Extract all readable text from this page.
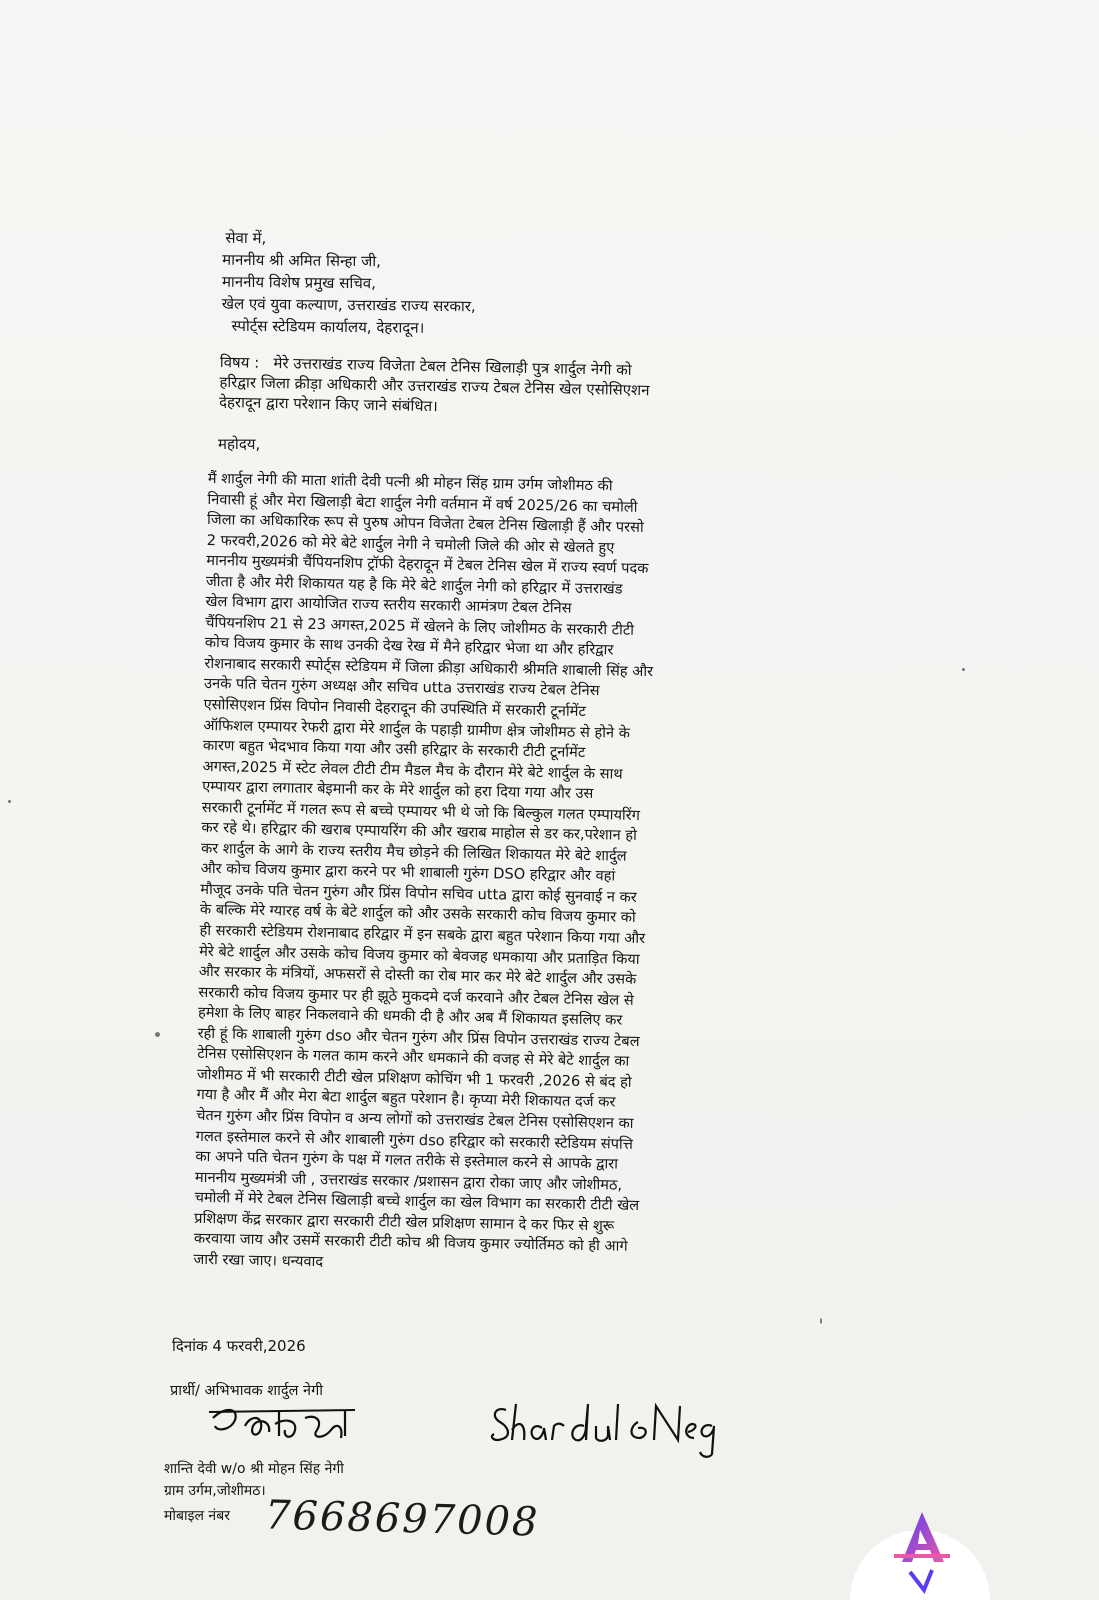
सेवा में,
माननीय श्री अमित सिन्हा जी,
माननीय विशेष प्रमुख सचिव,
खेल एवं युवा कल्याण, उत्तराखंड राज्य सरकार,
स्पोर्ट्स स्टेडियम कार्यालय, देहरादून।
विषय : मेरे उत्तराखंड राज्य विजेता टेबल टेनिस खिलाड़ी पुत्र शार्दुल नेगी को
हरिद्वार जिला क्रीड़ा अधिकारी और उत्तराखंड राज्य टेबल टेनिस खेल एसोसिएशन
देहरादून द्वारा परेशान किए जाने संबंधित।
महोदय,
मैं शार्दुल नेगी की माता शांती देवी पत्नी श्री मोहन सिंह ग्राम उर्गम जोशीमठ की
निवासी हूं और मेरा खिलाड़ी बेटा शार्दुल नेगी वर्तमान में वर्ष 2025/26 का चमोली
जिला का अधिकारिक रूप से पुरुष ओपन विजेता टेबल टेनिस खिलाड़ी हैं और परसो
2 फरवरी,2026 को मेरे बेटे शार्दुल नेगी ने चमोली जिले की ओर से खेलते हुए
माननीय मुख्यमंत्री चैंपियनशिप ट्रॉफी देहरादून में टेबल टेनिस खेल में राज्य स्वर्ण पदक
जीता है और मेरी शिकायत यह है कि मेरे बेटे शार्दुल नेगी को हरिद्वार में उत्तराखंड
खेल विभाग द्वारा आयोजित राज्य स्तरीय सरकारी आमंत्रण टेबल टेनिस
चैंपियनशिप 21 से 23 अगस्त,2025 में खेलने के लिए जोशीमठ के सरकारी टीटी
कोच विजय कुमार के साथ उनकी देख रेख में मैने हरिद्वार भेजा था और हरिद्वार
रोशनाबाद सरकारी स्पोर्ट्स स्टेडियम में जिला क्रीड़ा अधिकारी श्रीमति शाबाली सिंह और
उनके पति चेतन गुरुंग अध्यक्ष और सचिव utta उत्तराखंड राज्य टेबल टेनिस
एसोसिएशन प्रिंस विपोन निवासी देहरादून की उपस्थिति में सरकारी टूर्नामेंट
ऑफिशल एम्पायर रेफरी द्वारा मेरे शार्दुल के पहाड़ी ग्रामीण क्षेत्र जोशीमठ से होने के
कारण बहुत भेदभाव किया गया और उसी हरिद्वार के सरकारी टीटी टूर्नामेंट
अगस्त,2025 में स्टेट लेवल टीटी टीम मैडल मैच के दौरान मेरे बेटे शार्दुल के साथ
एम्पायर द्वारा लगातार बेइमानी कर के मेरे शार्दुल को हरा दिया गया और उस
सरकारी टूर्नामेंट में गलत रूप से बच्चे एम्पायर भी थे जो कि बिल्कुल गलत एम्पायरिंग
कर रहे थे। हरिद्वार की खराब एम्पायरिंग की और खराब माहोल से डर कर,परेशान हो
कर शार्दुल के आगे के राज्य स्तरीय मैच छोड़ने की लिखित शिकायत मेरे बेटे शार्दुल
और कोच विजय कुमार द्वारा करने पर भी शाबाली गुरुंग DSO हरिद्वार और वहां
मौजूद उनके पति चेतन गुरुंग और प्रिंस विपोन सचिव utta द्वारा कोई सुनवाई न कर
के बल्कि मेरे ग्यारह वर्ष के बेटे शार्दुल को और उसके सरकारी कोच विजय कुमार को
ही सरकारी स्टेडियम रोशनाबाद हरिद्वार में इन सबके द्वारा बहुत परेशान किया गया और
मेरे बेटे शार्दुल और उसके कोच विजय कुमार को बेवजह धमकाया और प्रताड़ित किया
और सरकार के मंत्रियों, अफसरों से दोस्ती का रोब मार कर मेरे बेटे शार्दुल और उसके
सरकारी कोच विजय कुमार पर ही झूठे मुकदमे दर्ज करवाने और टेबल टेनिस खेल से
हमेशा के लिए बाहर निकलवाने की धमकी दी है और अब मैं शिकायत इसलिए कर
रही हूं कि शाबाली गुरुंग dso और चेतन गुरुंग और प्रिंस विपोन उत्तराखंड राज्य टेबल
टेनिस एसोसिएशन के गलत काम करने और धमकाने की वजह से मेरे बेटे शार्दुल का
जोशीमठ में भी सरकारी टीटी खेल प्रशिक्षण कोचिंग भी 1 फरवरी ,2026 से बंद हो
गया है और मैं और मेरा बेटा शार्दुल बहुत परेशान है। कृप्या मेरी शिकायत दर्ज कर
चेतन गुरुंग और प्रिंस विपोन व अन्य लोगों को उत्तराखंड टेबल टेनिस एसोसिएशन का
गलत इस्तेमाल करने से और शाबाली गुरुंग dso हरिद्वार को सरकारी स्टेडियम संपत्ति
का अपने पति चेतन गुरुंग के पक्ष में गलत तरीके से इस्तेमाल करने से आपके द्वारा
माननीय मुख्यमंत्री जी , उत्तराखंड सरकार /प्रशासन द्वारा रोका जाए और जोशीमठ,
चमोली में मेरे टेबल टेनिस खिलाड़ी बच्चे शार्दुल का खेल विभाग का सरकारी टीटी खेल
प्रशिक्षण केंद्र सरकार द्वारा सरकारी टीटी खेल प्रशिक्षण सामान दे कर फिर से शुरू
करवाया जाय और उसमें सरकारी टीटी कोच श्री विजय कुमार ज्योर्तिमठ को ही आगे
जारी रखा जाए। धन्यवाद
दिनांक 4 फरवरी,2026
प्रार्थी/ अभिभावक शार्दुल नेगी
शान्ति देवी w/o श्री मोहन सिंह नेगी
ग्राम उर्गम,जोशीमठ।
मोबाइल नंबर 7668697008
